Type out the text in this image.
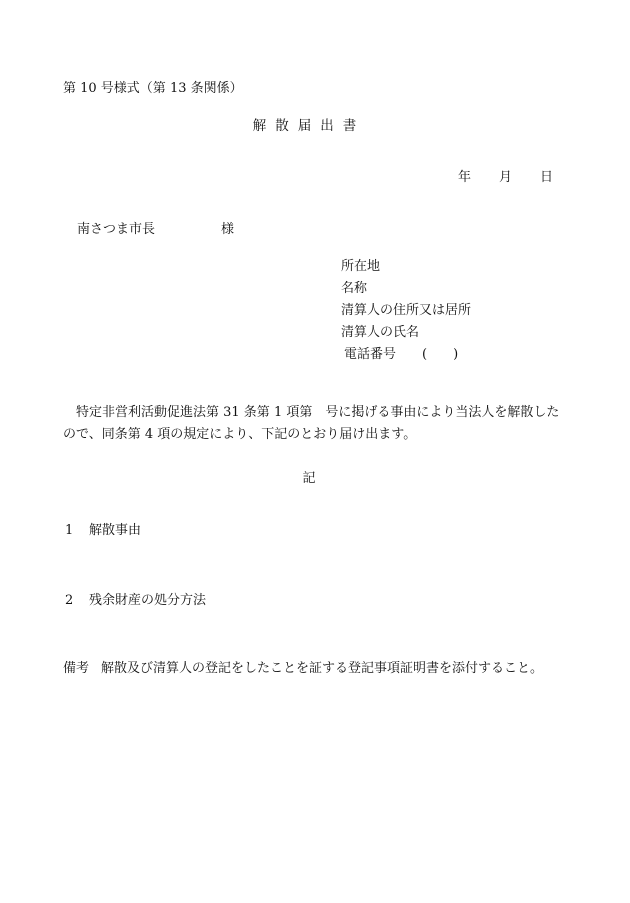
第 10 号様式（第 13 条関係）
解散届出書
年 月 日
南さつま市長	様
所在地
名称
清算人の住所又は居所
清算人の氏名
電話番号 (　　)
特定非営利活動促進法第 31 条第 1 項第　号に掲げる事由により当法人を解散したので、同条第 4 項の規定により、下記のとおり届け出ます。
記
1 解散事由
2 残余財産の処分方法
備考 解散及び清算人の登記をしたことを証する登記事項証明書を添付すること。
